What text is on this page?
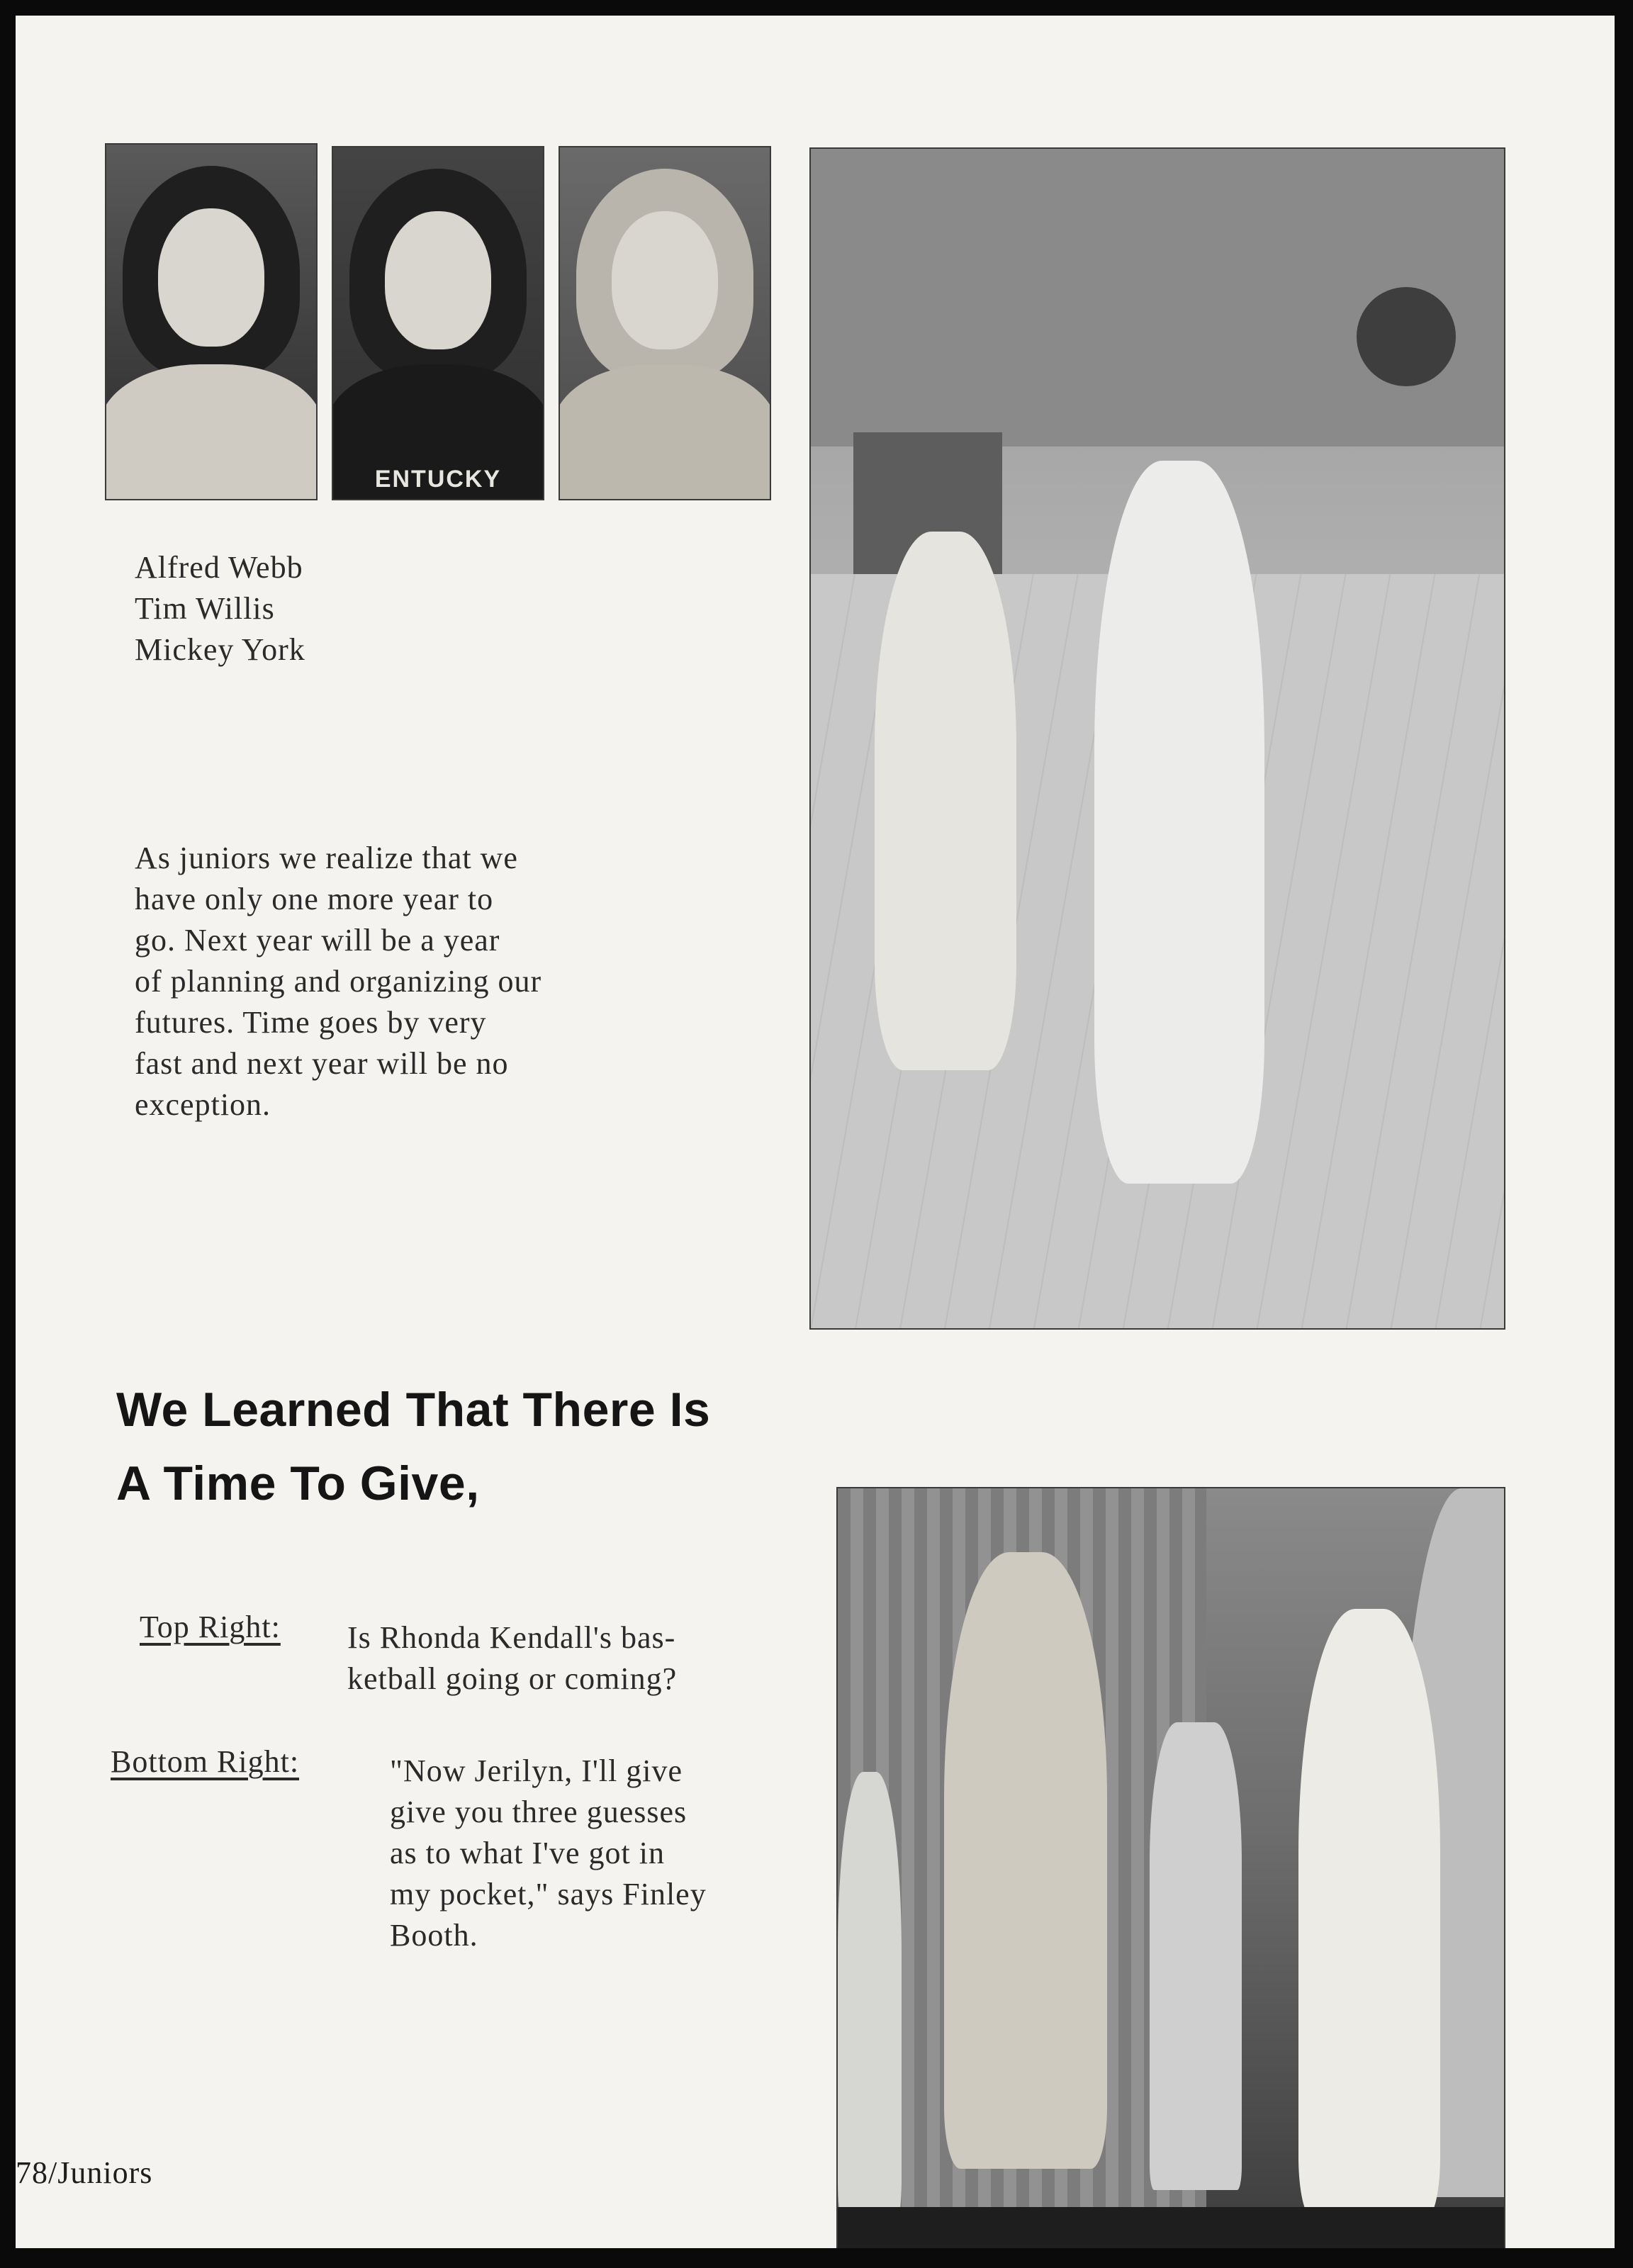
ENTUCKY
Alfred Webb
Tim Willis
Mickey York
As juniors we realize that we
have only one more year to
go. Next year will be a year
of planning and organizing our
futures. Time goes by very
fast and next year will be no
exception.
We Learned That There Is
A Time To Give,
Top Right: Is Rhonda Kendall's bas-
ketball going or coming?
Bottom Right:	"Now Jerilyn, I'll give
give you three guesses
as to what I've got in
my pocket," says Finley
Booth.
78/Juniors
